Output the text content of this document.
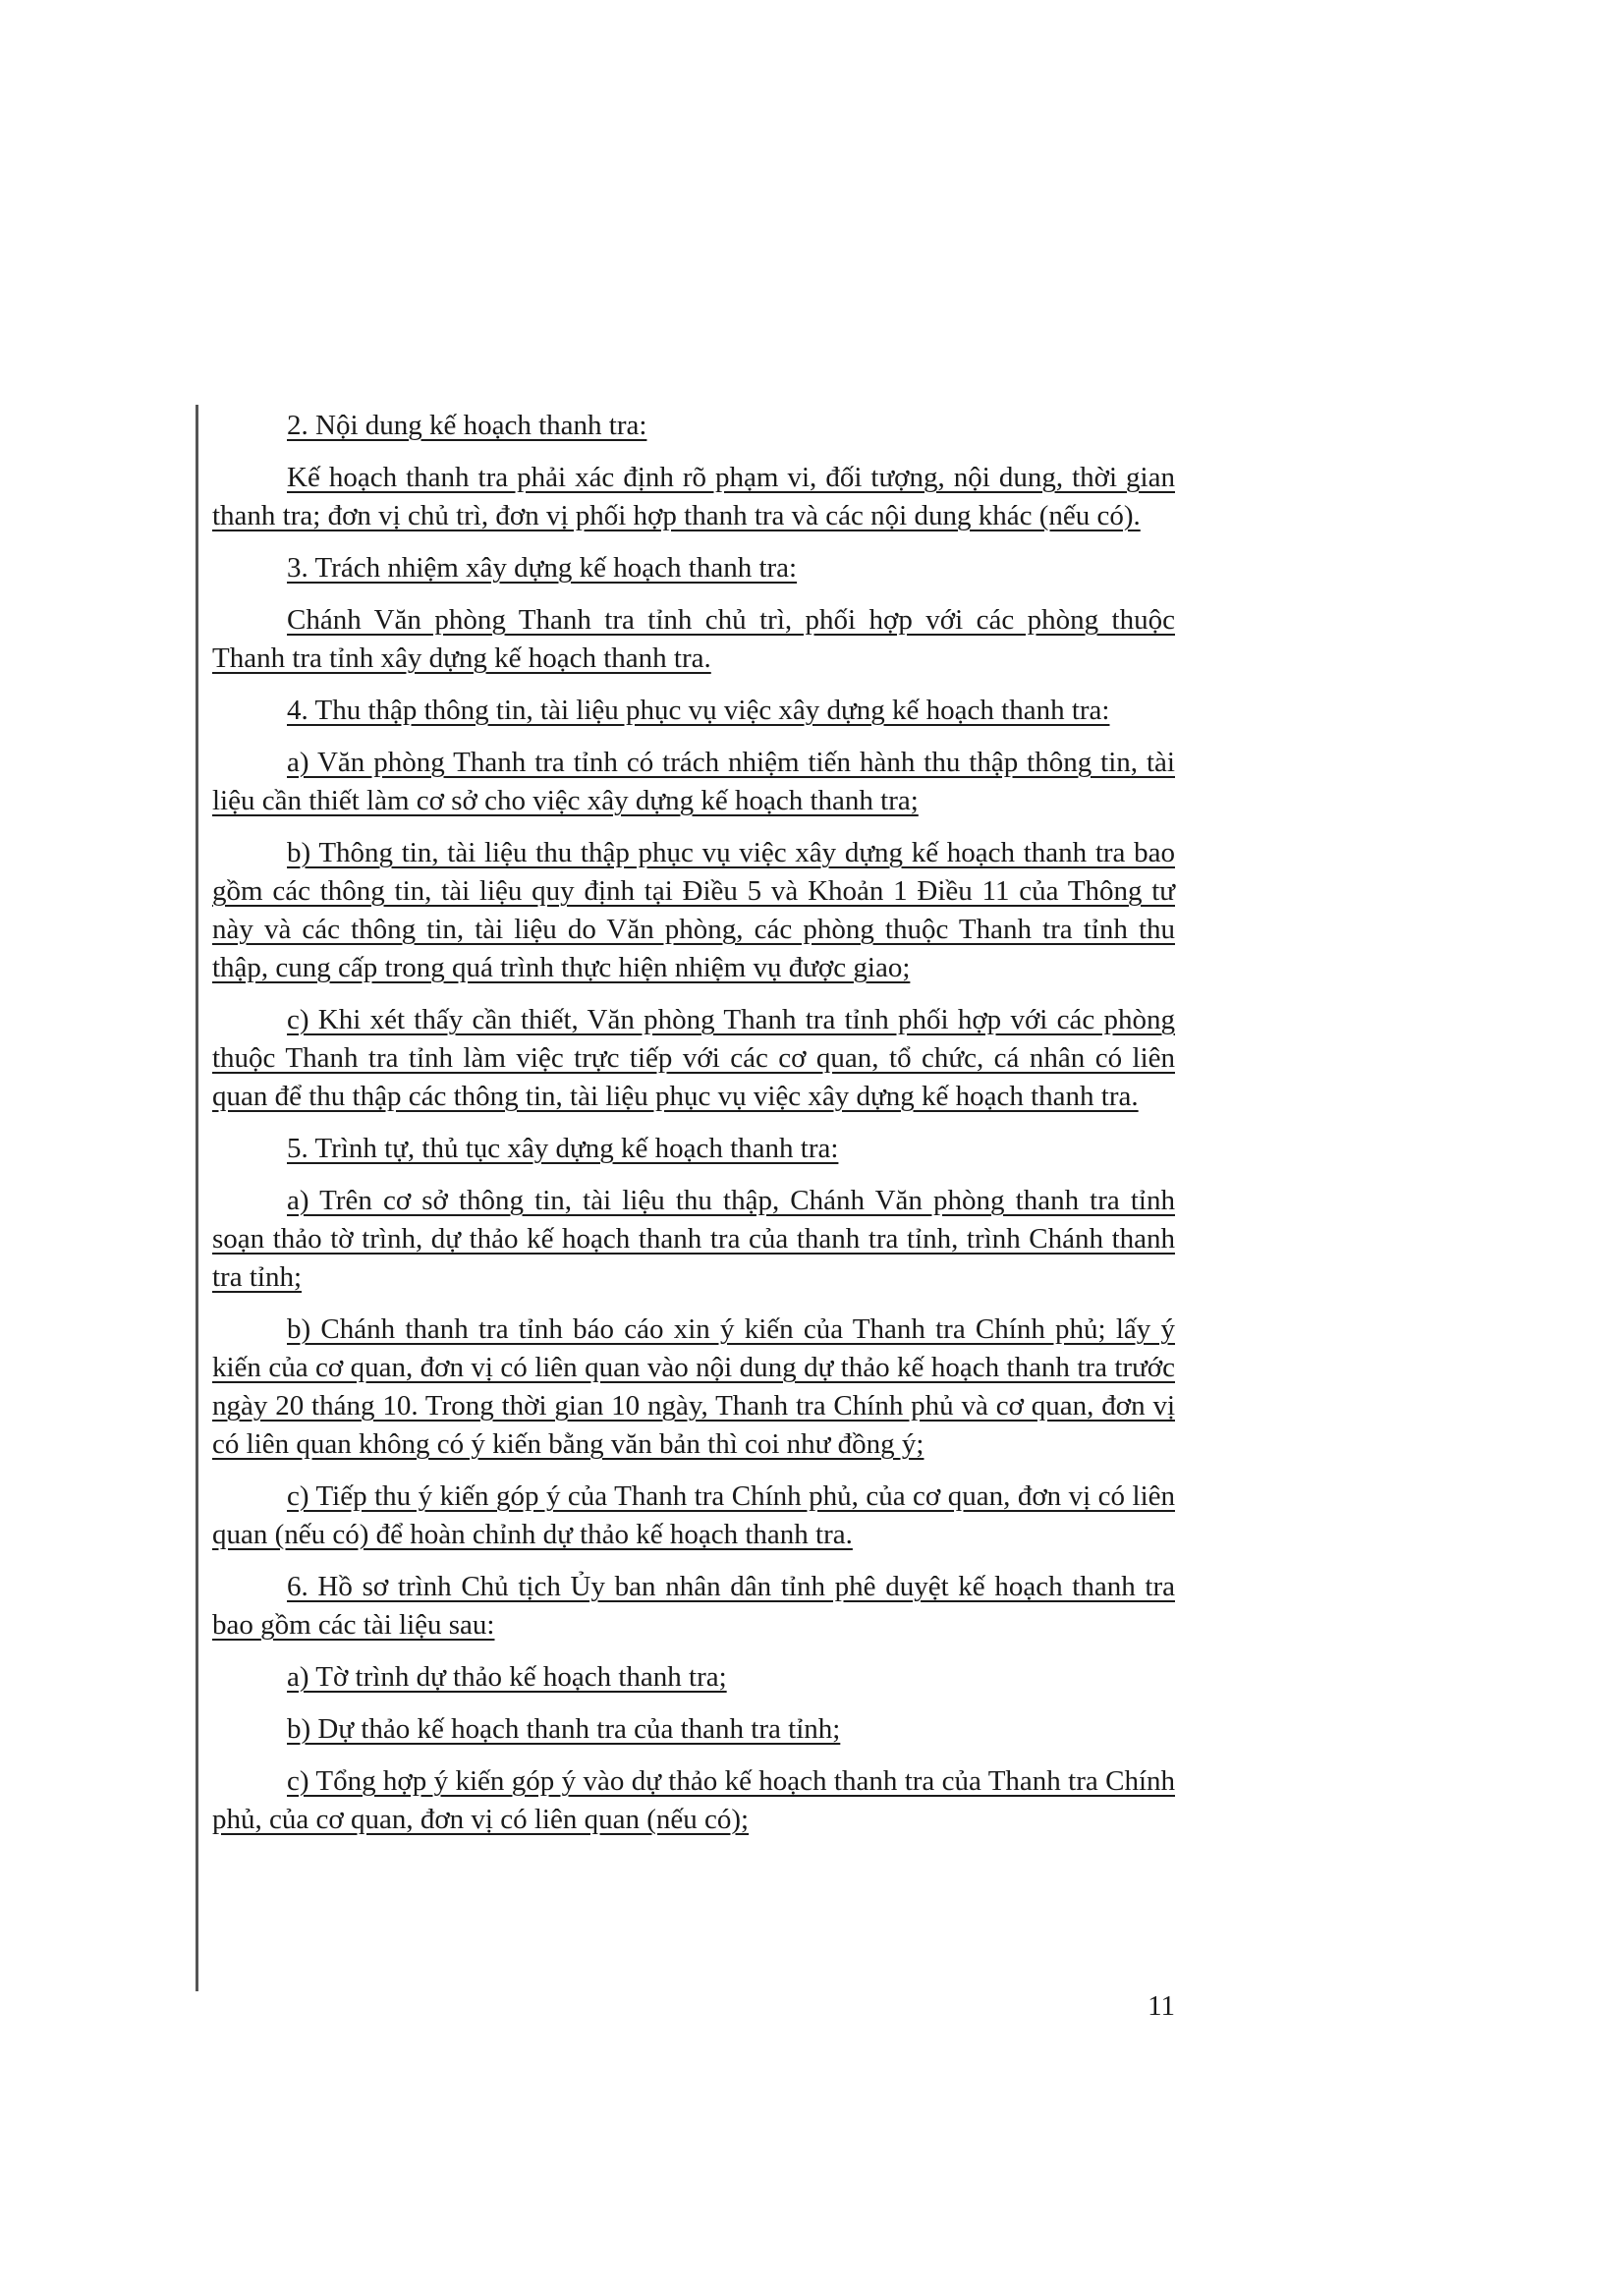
2. Nội dung kế hoạch thanh tra:

Kế hoạch thanh tra phải xác định rõ phạm vi, đối tượng, nội dung, thời gian thanh tra; đơn vị chủ trì, đơn vị phối hợp thanh tra và các nội dung khác (nếu có).

3. Trách nhiệm xây dựng kế hoạch thanh tra:

Chánh Văn phòng Thanh tra tỉnh chủ trì, phối hợp với các phòng thuộc Thanh tra tỉnh xây dựng kế hoạch thanh tra.

4. Thu thập thông tin, tài liệu phục vụ việc xây dựng kế hoạch thanh tra:

a) Văn phòng Thanh tra tỉnh có trách nhiệm tiến hành thu thập thông tin, tài liệu cần thiết làm cơ sở cho việc xây dựng kế hoạch thanh tra;

b) Thông tin, tài liệu thu thập phục vụ việc xây dựng kế hoạch thanh tra bao gồm các thông tin, tài liệu quy định tại Điều 5 và Khoản 1 Điều 11 của Thông tư này và các thông tin, tài liệu do Văn phòng, các phòng thuộc Thanh tra tỉnh thu thập, cung cấp trong quá trình thực hiện nhiệm vụ được giao;

c) Khi xét thấy cần thiết, Văn phòng Thanh tra tỉnh phối hợp với các phòng thuộc Thanh tra tỉnh làm việc trực tiếp với các cơ quan, tổ chức, cá nhân có liên quan để thu thập các thông tin, tài liệu phục vụ việc xây dựng kế hoạch thanh tra.

5. Trình tự, thủ tục xây dựng kế hoạch thanh tra:

a) Trên cơ sở thông tin, tài liệu thu thập, Chánh Văn phòng thanh tra tỉnh soạn thảo tờ trình, dự thảo kế hoạch thanh tra của thanh tra tỉnh, trình Chánh thanh tra tỉnh;

b) Chánh thanh tra tỉnh báo cáo xin ý kiến của Thanh tra Chính phủ; lấy ý kiến của cơ quan, đơn vị có liên quan vào nội dung dự thảo kế hoạch thanh tra trước ngày 20 tháng 10. Trong thời gian 10 ngày, Thanh tra Chính phủ và cơ quan, đơn vị có liên quan không có ý kiến bằng văn bản thì coi như đồng ý;

c) Tiếp thu ý kiến góp ý của Thanh tra Chính phủ, của cơ quan, đơn vị có liên quan (nếu có) để hoàn chỉnh dự thảo kế hoạch thanh tra.

6. Hồ sơ trình Chủ tịch Ủy ban nhân dân tỉnh phê duyệt kế hoạch thanh tra bao gồm các tài liệu sau:

a) Tờ trình dự thảo kế hoạch thanh tra;

b) Dự thảo kế hoạch thanh tra của thanh tra tỉnh;

c) Tổng hợp ý kiến góp ý vào dự thảo kế hoạch thanh tra của Thanh tra Chính phủ, của cơ quan, đơn vị có liên quan (nếu có);

11
